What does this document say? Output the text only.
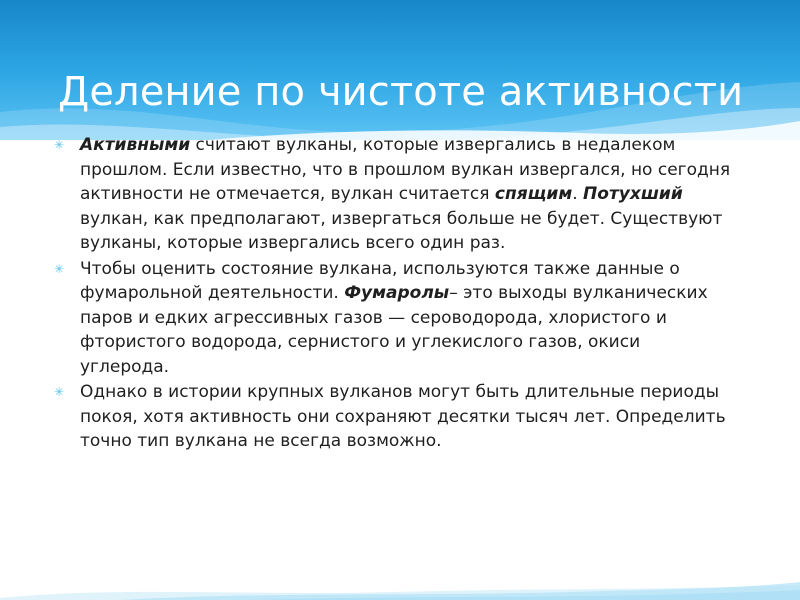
Деление по чистоте активности
✳ Активными считают вулканы, которые извергались в недалеком прошлом. Если известно, что в прошлом вулкан извергался, но сегодня активности не отмечается, вулкан считается спящим. Потухший вулкан, как предполагают, извергаться больше не будет. Существуют вулканы, которые извергались всего один раз.
✳ Чтобы оценить состояние вулкана, используются также данные о фумарольной деятельности. Фумаролы– это выходы вулканических паров и едких агрессивных газов — сероводорода, хлористого и фтористого водорода, сернистого и углекислого газов, окиси углерода.
✳ Однако в истории крупных вулканов могут быть длительные периоды покоя, хотя активность они сохраняют десятки тысяч лет. Определить точно тип вулкана не всегда возможно.
